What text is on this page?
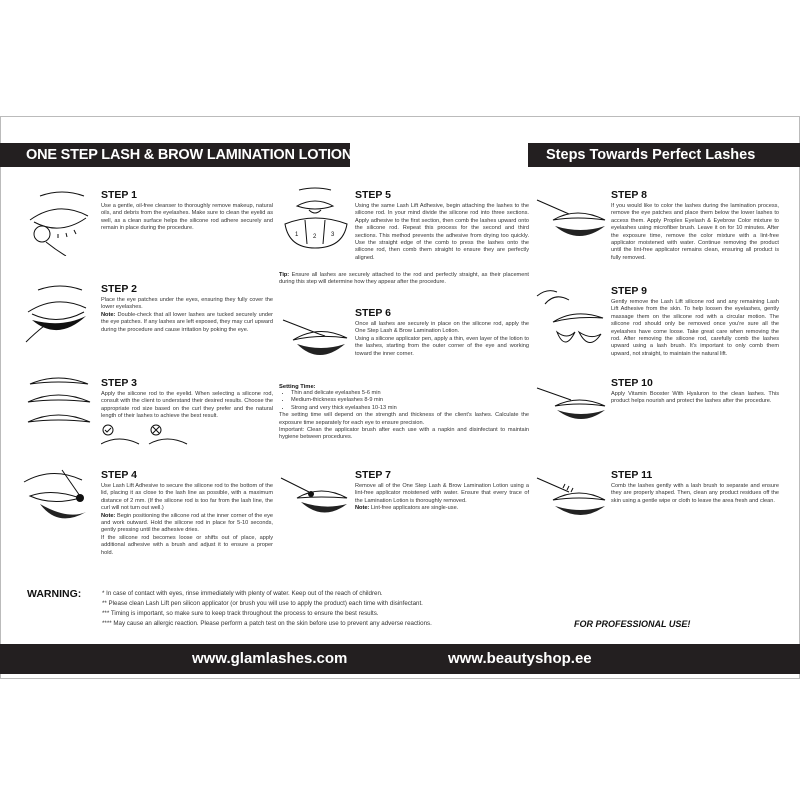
ONE STEP LASH & BROW LAMINATION LOTION	Steps Towards Perfect Lashes
STEP 1

Use a gentle, oil-free cleanser to thoroughly remove makeup, natural oils, and debris from the eyelashes. Make sure to clean the eyelid as well, as a clean surface helps the silicone rod adhere securely and remain in place during the procedure.

STEP 2

Place the eye patches under the eyes, ensuring they fully cover the lower eyelashes.

Note: Double-check that all lower lashes are tucked securely under the eye patches. If any lashes are left exposed, they may curl upward during the procedure and cause irritation by poking the eye.

STEP 3

Apply the silicone rod to the eyelid. When selecting a silicone rod, consult with the client to understand their desired results. Choose the appropriate rod size based on the curl they prefer and the natural length of their lashes to achieve the best result.

STEP 4

Use Lash Lift Adhesive to secure the silicone rod to the bottom of the lid, placing it as close to the lash line as possible, with a maximum distance of 2 mm. (If the silicone rod is too far from the lash line, the curl will not turn out well.)

Note: Begin positioning the silicone rod at the inner corner of the eye and work outward. Hold the silicone rod in place for 5-10 seconds, gently pressing until the adhesive dries.

If the silicone rod becomes loose or shifts out of place, apply additional adhesive with a brush and adjust it to ensure a proper hold.

1 2 3
STEP 5

Using the same Lash Lift Adhesive, begin attaching the lashes to the silicone rod. In your mind divide the silicone rod into three sections. Apply adhesive to the first section, then comb the lashes upward onto the silicone rod. Repeat this process for the second and third sections. This method prevents the adhesive from drying too quickly. Use the straight edge of the comb to press the lashes onto the silicone rod, then comb them straight to ensure they are perfectly aligned.

Tip: Ensure all lashes are securely attached to the rod and perfectly straight, as their placement during this step will determine how they appear after the procedure.

STEP 6

Once all lashes are securely in place on the silicone rod, apply the One Step Lash & Brow Lamination Lotion.

Using a silicone applicator pen, apply a thin, even layer of the lotion to the lashes, starting from the outer corner of the eye and working toward the inner corner.

Setting Time:
• Thin and delicate eyelashes 5-6 min
• Medium-thickness eyelashes 8-9 min
• Strong and very thick eyelashes 10-13 min

The setting time will depend on the strength and thickness of the client's lashes. Calculate the exposure time separately for each eye to ensure precision.

Important: Clean the applicator brush after each use with a napkin and disinfectant to maintain hygiene between procedures.

STEP 7

Remove all of the One Step Lash & Brow Lamination Lotion using a lint-free applicator moistened with water. Ensure that every trace of the Lamination Lotion is thoroughly removed.

Note: Lint-free applicators are single-use.

STEP 8

If you would like to color the lashes during the lamination process, remove the eye patches and place them below the lower lashes to access them. Apply Proplex Eyelash & Eyebrow Color mixture to eyelashes using microfiber brush. Leave it on for 10 minutes. After the exposure time, remove the color mixture with a lint-free applicator moistened with water. Continue removing the product until the lint-free applicator remains clean, ensuring all product is fully removed.

STEP 9

Gently remove the Lash Lift silicone rod and any remaining Lash Lift Adhesive from the skin. To help loosen the eyelashes, gently massage them on the silicone rod with a circular motion. The silicone rod should only be removed once you're sure all the eyelashes have come loose. Take great care when removing the rod. After removing the silicone rod, carefully comb the lashes upward using a lash brush. It's important to only comb them upward, not straight, to maintain the natural lift.

STEP 10

Apply Vitamin Booster With Hyaluron to the clean lashes. This product helps nourish and protect the lashes after the procedure.

STEP 11

Comb the lashes gently with a lash brush to separate and ensure they are properly shaped. Then, clean any product residues off the skin using a gentle wipe or cloth to leave the area fresh and clean.

WARNING:	* In case of contact with eyes, rinse immediately with plenty of water. Keep out of the reach of children.
** Please clean Lash Lift pen silicon applicator (or brush you will use to apply the product) each time with disinfectant.
*** Timing is important, so make sure to keep track throughout the process to ensure the best results.
**** May cause an allergic reaction. Please perform a patch test on the skin before use to prevent any adverse reactions.	FOR PROFESSIONAL USE!
www.glamlashes.com	www.beautyshop.ee
